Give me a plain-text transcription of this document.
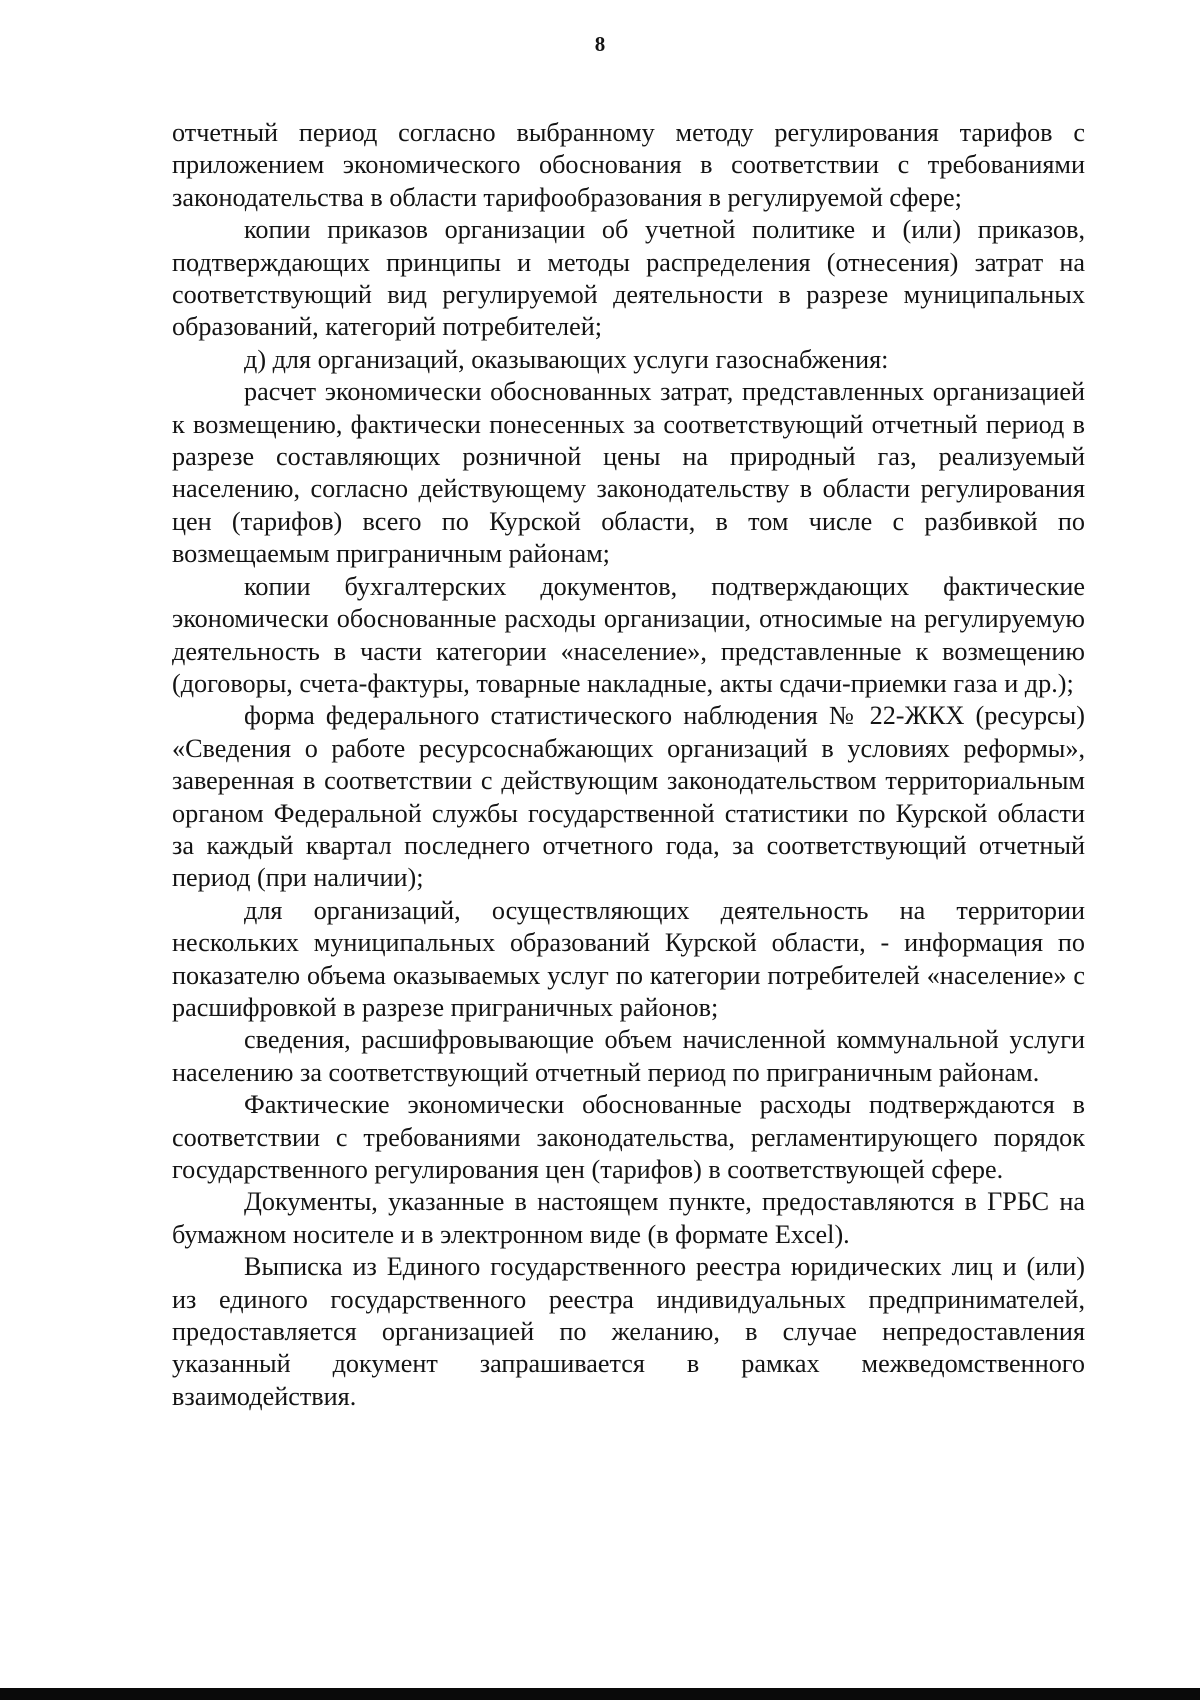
8

отчетный период согласно выбранному методу регулирования тарифов с приложением экономического обоснования в соответствии с требованиями законодательства в области тарифообразования в регулируемой сфере;

копии приказов организации об учетной политике и (или) приказов, подтверждающих принципы и методы распределения (отнесения) затрат на соответствующий вид регулируемой деятельности в разрезе муниципальных образований, категорий потребителей;

д) для организаций, оказывающих услуги газоснабжения:

расчет экономически обоснованных затрат, представленных организацией к возмещению, фактически понесенных за соответствующий отчетный период в разрезе составляющих розничной цены на природный газ, реализуемый населению, согласно действующему законодательству в области регулирования цен (тарифов) всего по Курской области, в том числе с разбивкой по возмещаемым приграничным районам;

копии бухгалтерских документов, подтверждающих фактические экономически обоснованные расходы организации, относимые на регулируемую деятельность в части категории «население», представленные к возмещению (договоры, счета-фактуры, товарные накладные, акты сдачи-приемки газа и др.);

форма федерального статистического наблюдения № 22-ЖКХ (ресурсы) «Сведения о работе ресурсоснабжающих организаций в условиях реформы», заверенная в соответствии с действующим законодательством территориальным органом Федеральной службы государственной статистики по Курской области за каждый квартал последнего отчетного года, за соответствующий отчетный период (при наличии);

для организаций, осуществляющих деятельность на территории нескольких муниципальных образований Курской области, - информация по показателю объема оказываемых услуг по категории потребителей «население» с расшифровкой в разрезе приграничных районов;

сведения, расшифровывающие объем начисленной коммунальной услуги населению за соответствующий отчетный период по приграничным районам.

Фактические экономически обоснованные расходы подтверждаются в соответствии с требованиями законодательства, регламентирующего порядок государственного регулирования цен (тарифов) в соответствующей сфере.

Документы, указанные в настоящем пункте, предоставляются в ГРБС на бумажном носителе и в электронном виде (в формате Excel).

Выписка из Единого государственного реестра юридических лиц и (или) из единого государственного реестра индивидуальных предпринимателей, предоставляется организацией по желанию, в случае непредоставления указанный документ запрашивается в рамках межведомственного взаимодействия.
